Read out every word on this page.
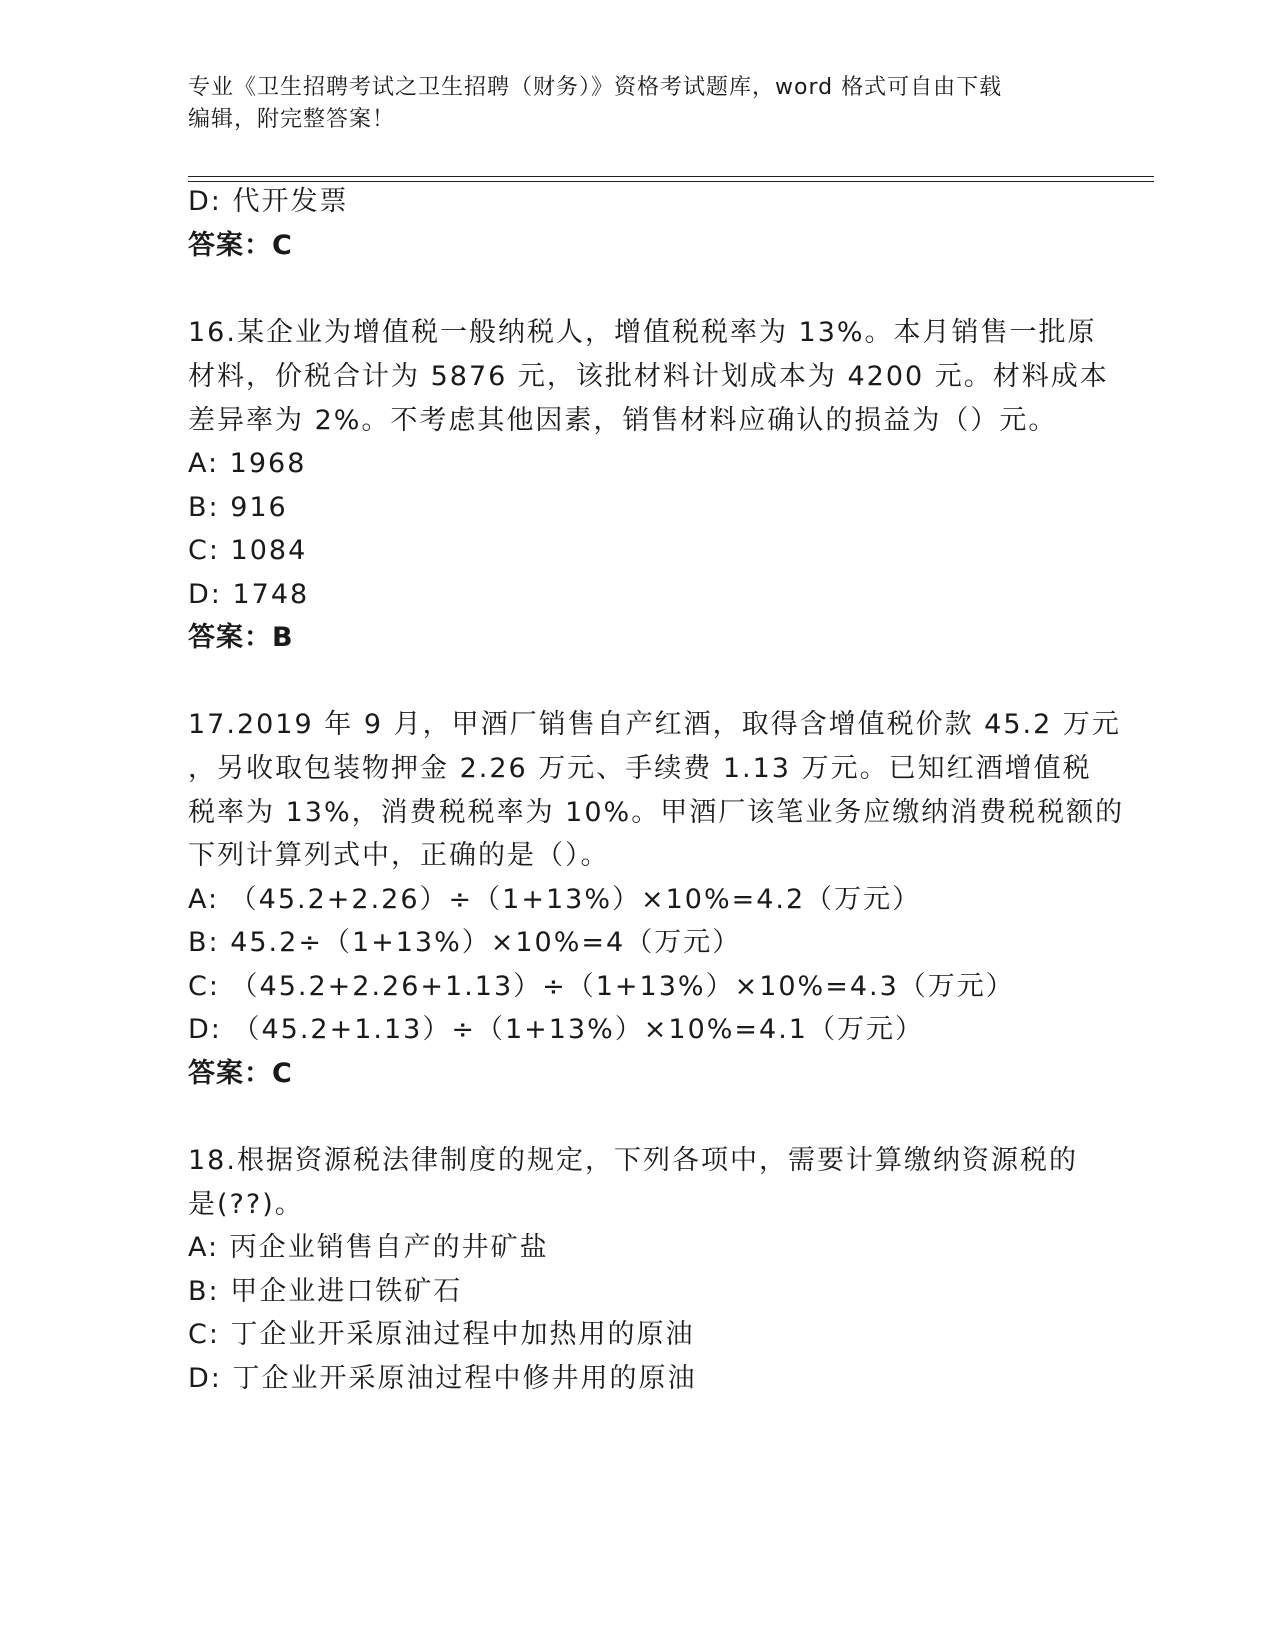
专业《卫生招聘考试之卫生招聘（财务）》资格考试题库，word 格式可自由下载
编辑，附完整答案！
D: 代开发票
答案：C
16.某企业为增值税一般纳税人，增值税税率为 13%。本月销售一批原
材料，价税合计为 5876 元，该批材料计划成本为 4200 元。材料成本
差异率为 2%。不考虑其他因素，销售材料应确认的损益为（）元。
A: 1968
B: 916
C: 1084
D: 1748
答案：B
17.2019 年 9 月，甲酒厂销售自产红酒，取得含增值税价款 45.2 万元
，另收取包装物押金 2.26 万元、手续费 1.13 万元。已知红酒增值税
税率为 13%，消费税税率为 10%。甲酒厂该笔业务应缴纳消费税税额的
下列计算列式中，正确的是（）。
A: （45.2+2.26）÷（1+13%）×10%=4.2（万元）
B: 45.2÷（1+13%）×10%=4（万元）
C: （45.2+2.26+1.13）÷（1+13%）×10%=4.3（万元）
D: （45.2+1.13）÷（1+13%）×10%=4.1（万元）
答案：C
18.根据资源税法律制度的规定，下列各项中，需要计算缴纳资源税的
是(??)。
A: 丙企业销售自产的井矿盐
B: 甲企业进口铁矿石
C: 丁企业开采原油过程中加热用的原油
D: 丁企业开采原油过程中修井用的原油
